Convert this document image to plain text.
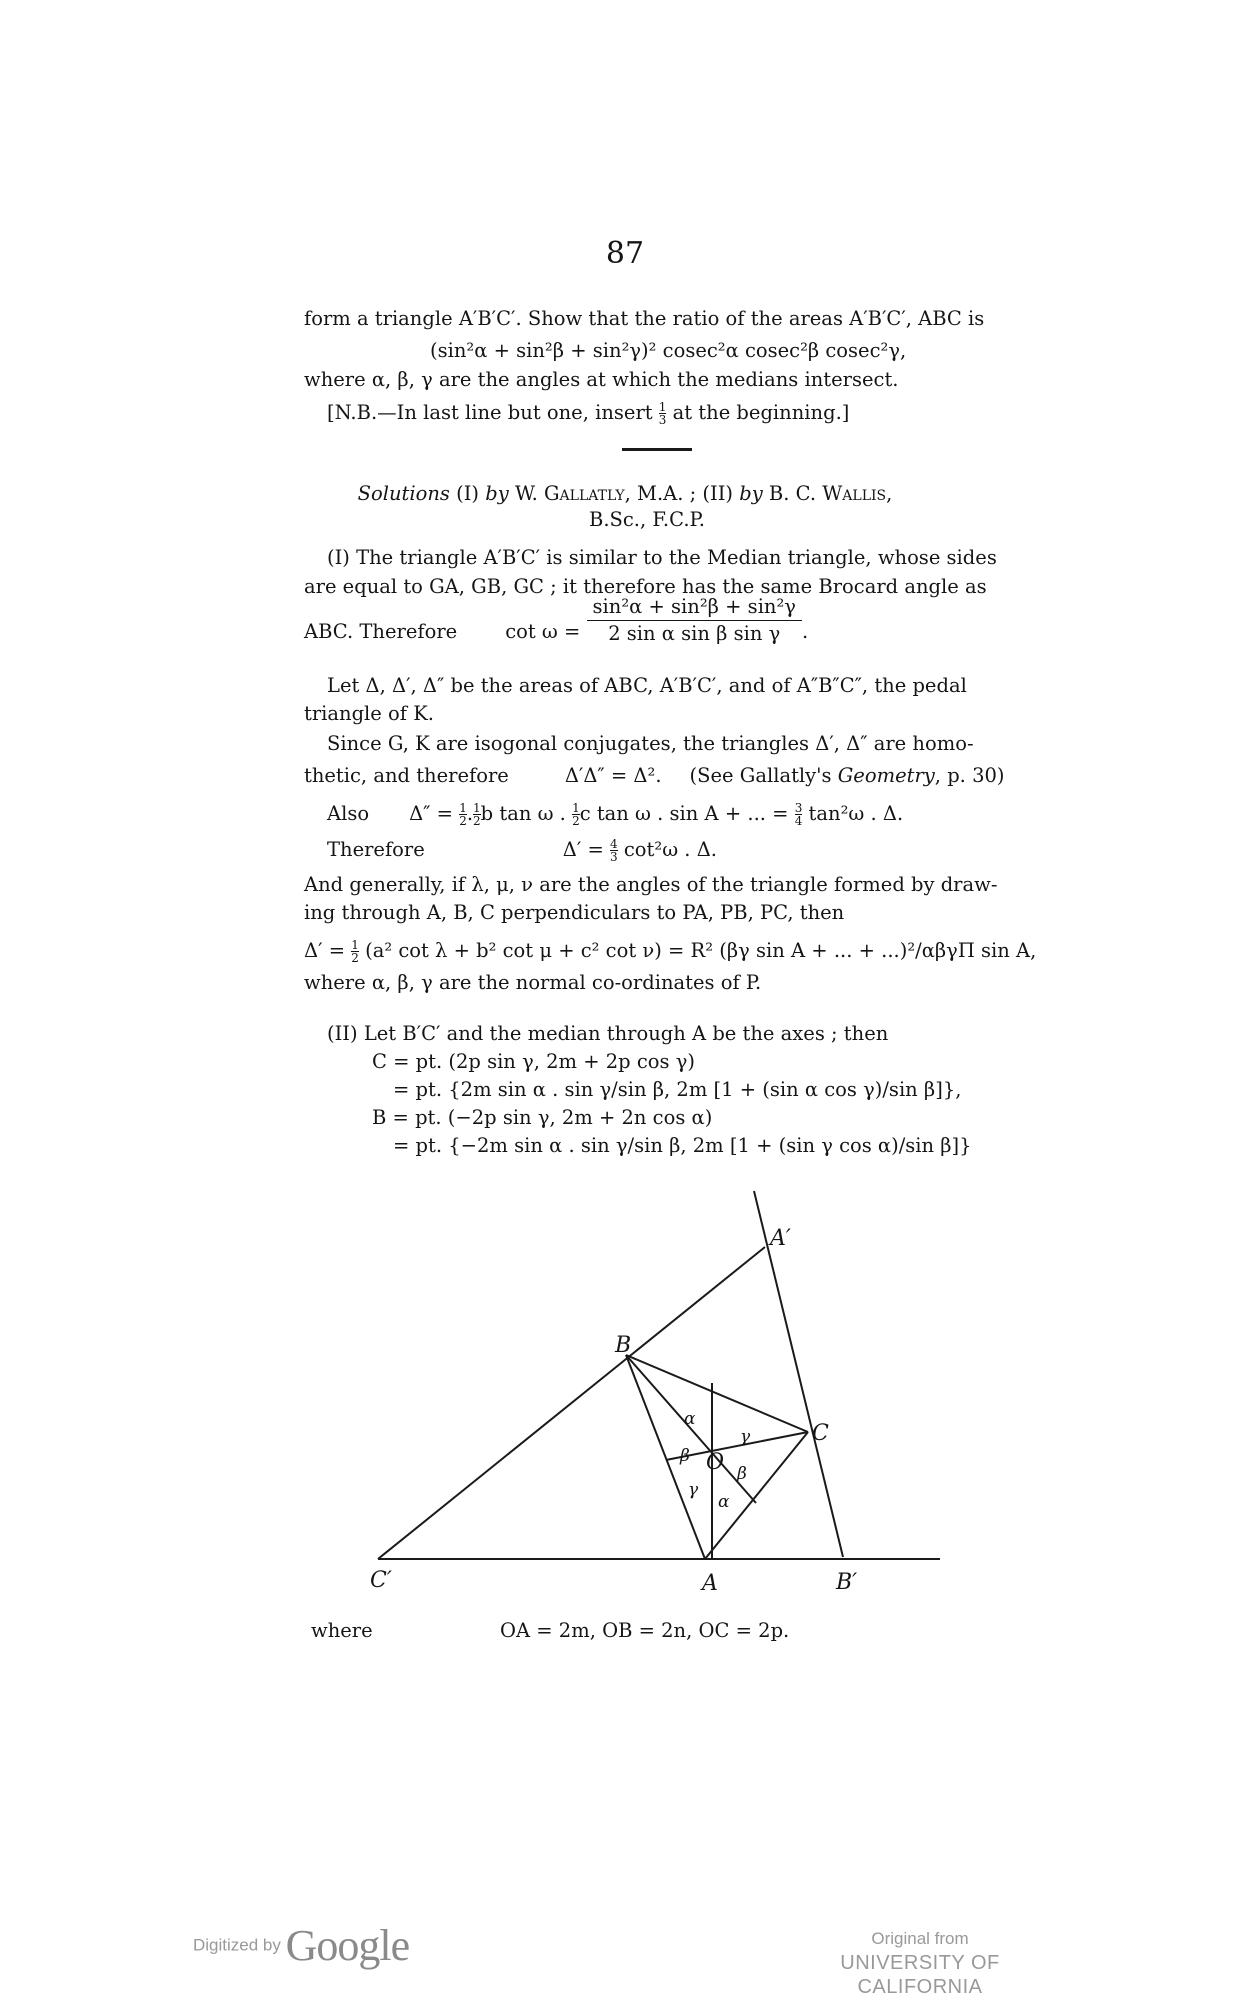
87
form a triangle A′B′C′. Show that the ratio of the areas A′B′C′, ABC is
(sin²α + sin²β + sin²γ)² cosec²α cosec²β cosec²γ,
where α, β, γ are the angles at which the medians intersect.
[N.B.—In last line but one, insert $\frac{1}{3}$ at the beginning.]
Solutions (I) by W. Gallatly, M.A. ; (II) by B. C. Wallis,
B.Sc., F.C.P.
(I) The triangle A′B′C′ is similar to the Median triangle, whose sides
are equal to GA, GB, GC ; it therefore has the same Brocard angle as
ABC. Therefore $\cot \omega = \frac{\text{sin²α + sin²β + sin²γ}}{\text{2 sin α sin β sin γ}}$ .
Let Δ, Δ′, Δ″ be the areas of ABC, A′B′C′, and of A″B″C″, the pedal
triangle of K.
Since G, K are isogonal conjugates, the triangles Δ′, Δ″ are homo-
thetic, and therefore	Δ′Δ″ = Δ². (See Gallatly's Geometry, p. 30)
Also $\Delta'' = \frac{1}{2}$. $\frac{1}{2}b$ tan ω . $\frac{1}{2}c$ tan ω . sin A + ... = $\frac{3}{4} \tan^2\omega$ . Δ.
Therefore	$\Delta' = \frac{4}{3} \cot^2\omega$ . Δ.
And generally, if λ, μ, ν are the angles of the triangle formed by draw-
ing through A, B, C perpendiculars to PA, PB, PC, then
$\Delta' = \frac{1}{2} (a^2$ cot λ + b² cot μ + c² cot ν) = R² (βγ sin A + ... + ...)²/αβγΠ sin A,
where α, β, γ are the normal co-ordinates of P.
(II) Let B′C′ and the median through A be the axes ; then
C = pt. (2p sin γ, 2m + 2p cos γ)
= pt. {2m sin α . sin γ/sin β, 2m [1 + (sin α cos γ)/sin β]},
B = pt. (−2p sin γ, 2m + 2n cos α)
= pt. {−2m sin α . sin γ/sin β, 2m [1 + (sin γ cos α)/sin β]}
A′
B
C
O
C′	A	B′
α
γ
β
β
γ
α
where	OA = 2m, OB = 2n, OC = 2p.
Digitized by Google	Original from
UNIVERSITY OF CALIFORNIA
